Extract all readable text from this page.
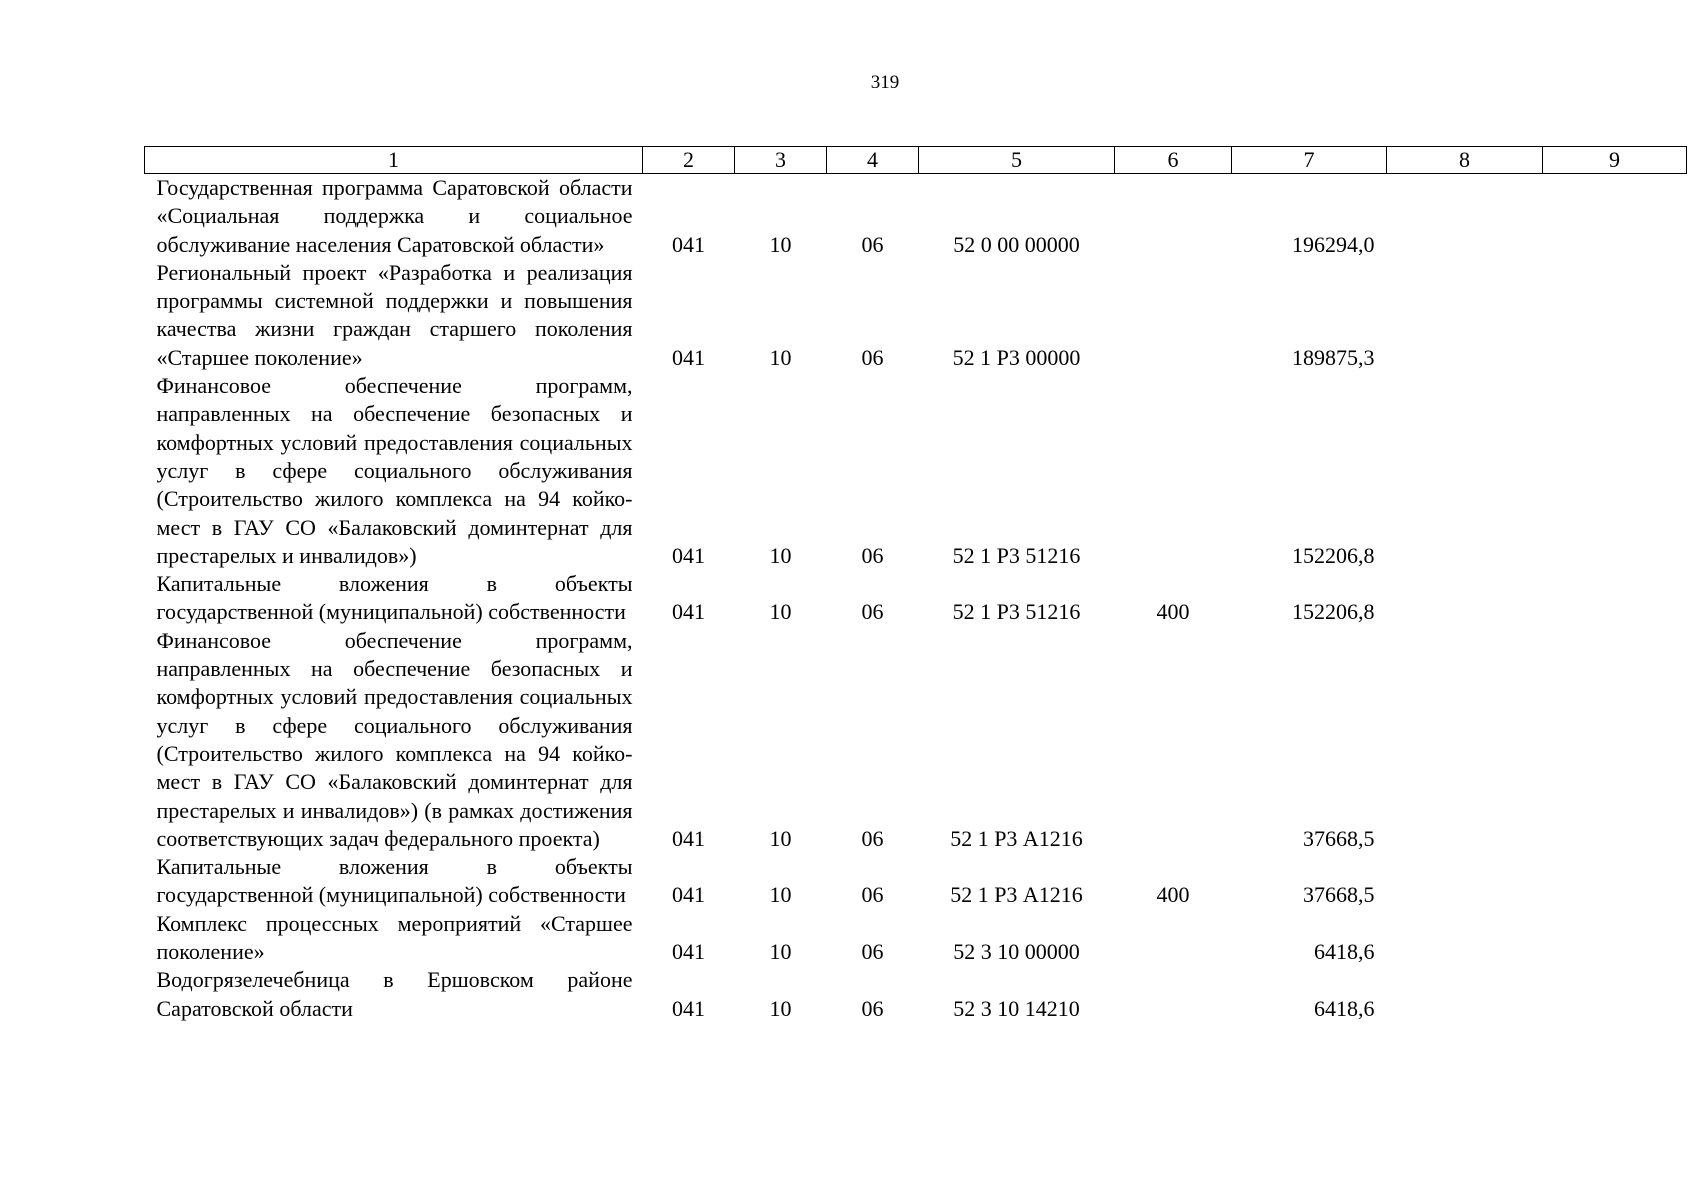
319
1	2	3	4	5	6	7	8	9
Государственная программа Саратовской области «Социальная поддержка и социальное обслуживание населения Саратовской области»	041	10	06	52 0 00 00000		196294,0		
Региональный проект «Разработка и реализация программы системной поддержки и повышения качества жизни граждан старшего поколения «Старшее поколение»	041	10	06	52 1 Р3 00000		189875,3		
Финансовое обеспечение программ, направленных на обеспечение безопасных и комфортных условий предоставления социальных услуг в сфере социального обслуживания (Строительство жилого комплекса на 94 койко-мест в ГАУ СО «Балаковский доминтернат для престарелых и инвалидов»)	041	10	06	52 1 Р3 51216		152206,8		
Капитальные вложения в объекты государственной (муниципальной) собственности	041	10	06	52 1 Р3 51216	400	152206,8		
Финансовое обеспечение программ, направленных на обеспечение безопасных и комфортных условий предоставления социальных услуг в сфере социального обслуживания (Строительство жилого комплекса на 94 койко-мест в ГАУ СО «Балаковский доминтернат для престарелых и инвалидов») (в рамках достижения соответствующих задач федерального проекта)	041	10	06	52 1 Р3 А1216		37668,5		
Капитальные вложения в объекты государственной (муниципальной) собственности	041	10	06	52 1 Р3 А1216	400	37668,5		
Комплекс процессных мероприятий «Старшее поколение»	041	10	06	52 3 10 00000		6418,6		
Водогрязелечебница в Ершовском районе Саратовской области	041	10	06	52 3 10 14210		6418,6		
